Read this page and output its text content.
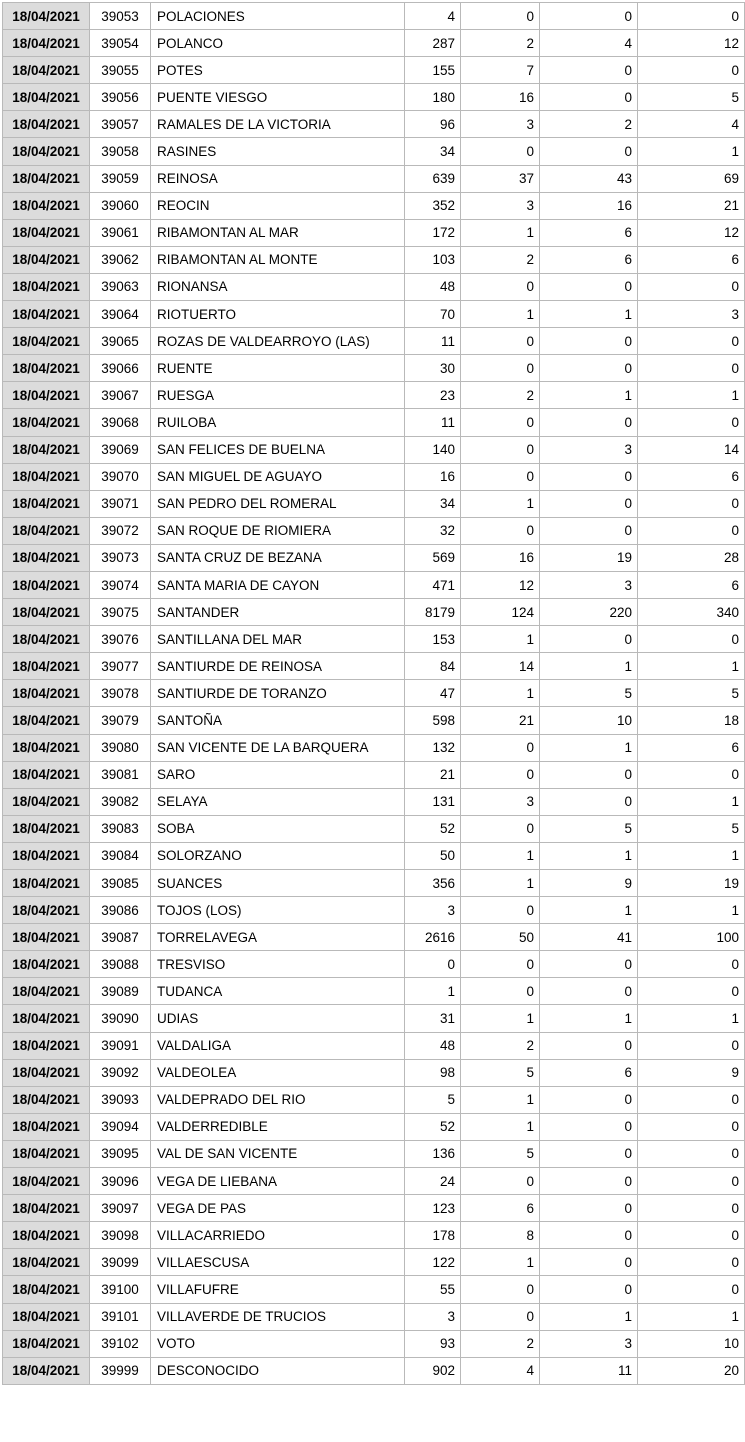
18/04/2021	39053	POLACIONES	4	0	0	0
18/04/2021	39054	POLANCO	287	2	4	12
18/04/2021	39055	POTES	155	7	0	0
18/04/2021	39056	PUENTE VIESGO	180	16	0	5
18/04/2021	39057	RAMALES DE LA VICTORIA	96	3	2	4
18/04/2021	39058	RASINES	34	0	0	1
18/04/2021	39059	REINOSA	639	37	43	69
18/04/2021	39060	REOCIN	352	3	16	21
18/04/2021	39061	RIBAMONTAN AL MAR	172	1	6	12
18/04/2021	39062	RIBAMONTAN AL MONTE	103	2	6	6
18/04/2021	39063	RIONANSA	48	0	0	0
18/04/2021	39064	RIOTUERTO	70	1	1	3
18/04/2021	39065	ROZAS DE VALDEARROYO (LAS)	11	0	0	0
18/04/2021	39066	RUENTE	30	0	0	0
18/04/2021	39067	RUESGA	23	2	1	1
18/04/2021	39068	RUILOBA	11	0	0	0
18/04/2021	39069	SAN FELICES DE BUELNA	140	0	3	14
18/04/2021	39070	SAN MIGUEL DE AGUAYO	16	0	0	6
18/04/2021	39071	SAN PEDRO DEL ROMERAL	34	1	0	0
18/04/2021	39072	SAN ROQUE DE RIOMIERA	32	0	0	0
18/04/2021	39073	SANTA CRUZ DE BEZANA	569	16	19	28
18/04/2021	39074	SANTA MARIA DE CAYON	471	12	3	6
18/04/2021	39075	SANTANDER	8179	124	220	340
18/04/2021	39076	SANTILLANA DEL MAR	153	1	0	0
18/04/2021	39077	SANTIURDE DE REINOSA	84	14	1	1
18/04/2021	39078	SANTIURDE DE TORANZO	47	1	5	5
18/04/2021	39079	SANTOÑA	598	21	10	18
18/04/2021	39080	SAN VICENTE DE LA BARQUERA	132	0	1	6
18/04/2021	39081	SARO	21	0	0	0
18/04/2021	39082	SELAYA	131	3	0	1
18/04/2021	39083	SOBA	52	0	5	5
18/04/2021	39084	SOLORZANO	50	1	1	1
18/04/2021	39085	SUANCES	356	1	9	19
18/04/2021	39086	TOJOS (LOS)	3	0	1	1
18/04/2021	39087	TORRELAVEGA	2616	50	41	100
18/04/2021	39088	TRESVISO	0	0	0	0
18/04/2021	39089	TUDANCA	1	0	0	0
18/04/2021	39090	UDIAS	31	1	1	1
18/04/2021	39091	VALDALIGA	48	2	0	0
18/04/2021	39092	VALDEOLEA	98	5	6	9
18/04/2021	39093	VALDEPRADO DEL RIO	5	1	0	0
18/04/2021	39094	VALDERREDIBLE	52	1	0	0
18/04/2021	39095	VAL DE SAN VICENTE	136	5	0	0
18/04/2021	39096	VEGA DE LIEBANA	24	0	0	0
18/04/2021	39097	VEGA DE PAS	123	6	0	0
18/04/2021	39098	VILLACARRIEDO	178	8	0	0
18/04/2021	39099	VILLAESCUSA	122	1	0	0
18/04/2021	39100	VILLAFUFRE	55	0	0	0
18/04/2021	39101	VILLAVERDE DE TRUCIOS	3	0	1	1
18/04/2021	39102	VOTO	93	2	3	10
18/04/2021	39999	DESCONOCIDO	902	4	11	20
